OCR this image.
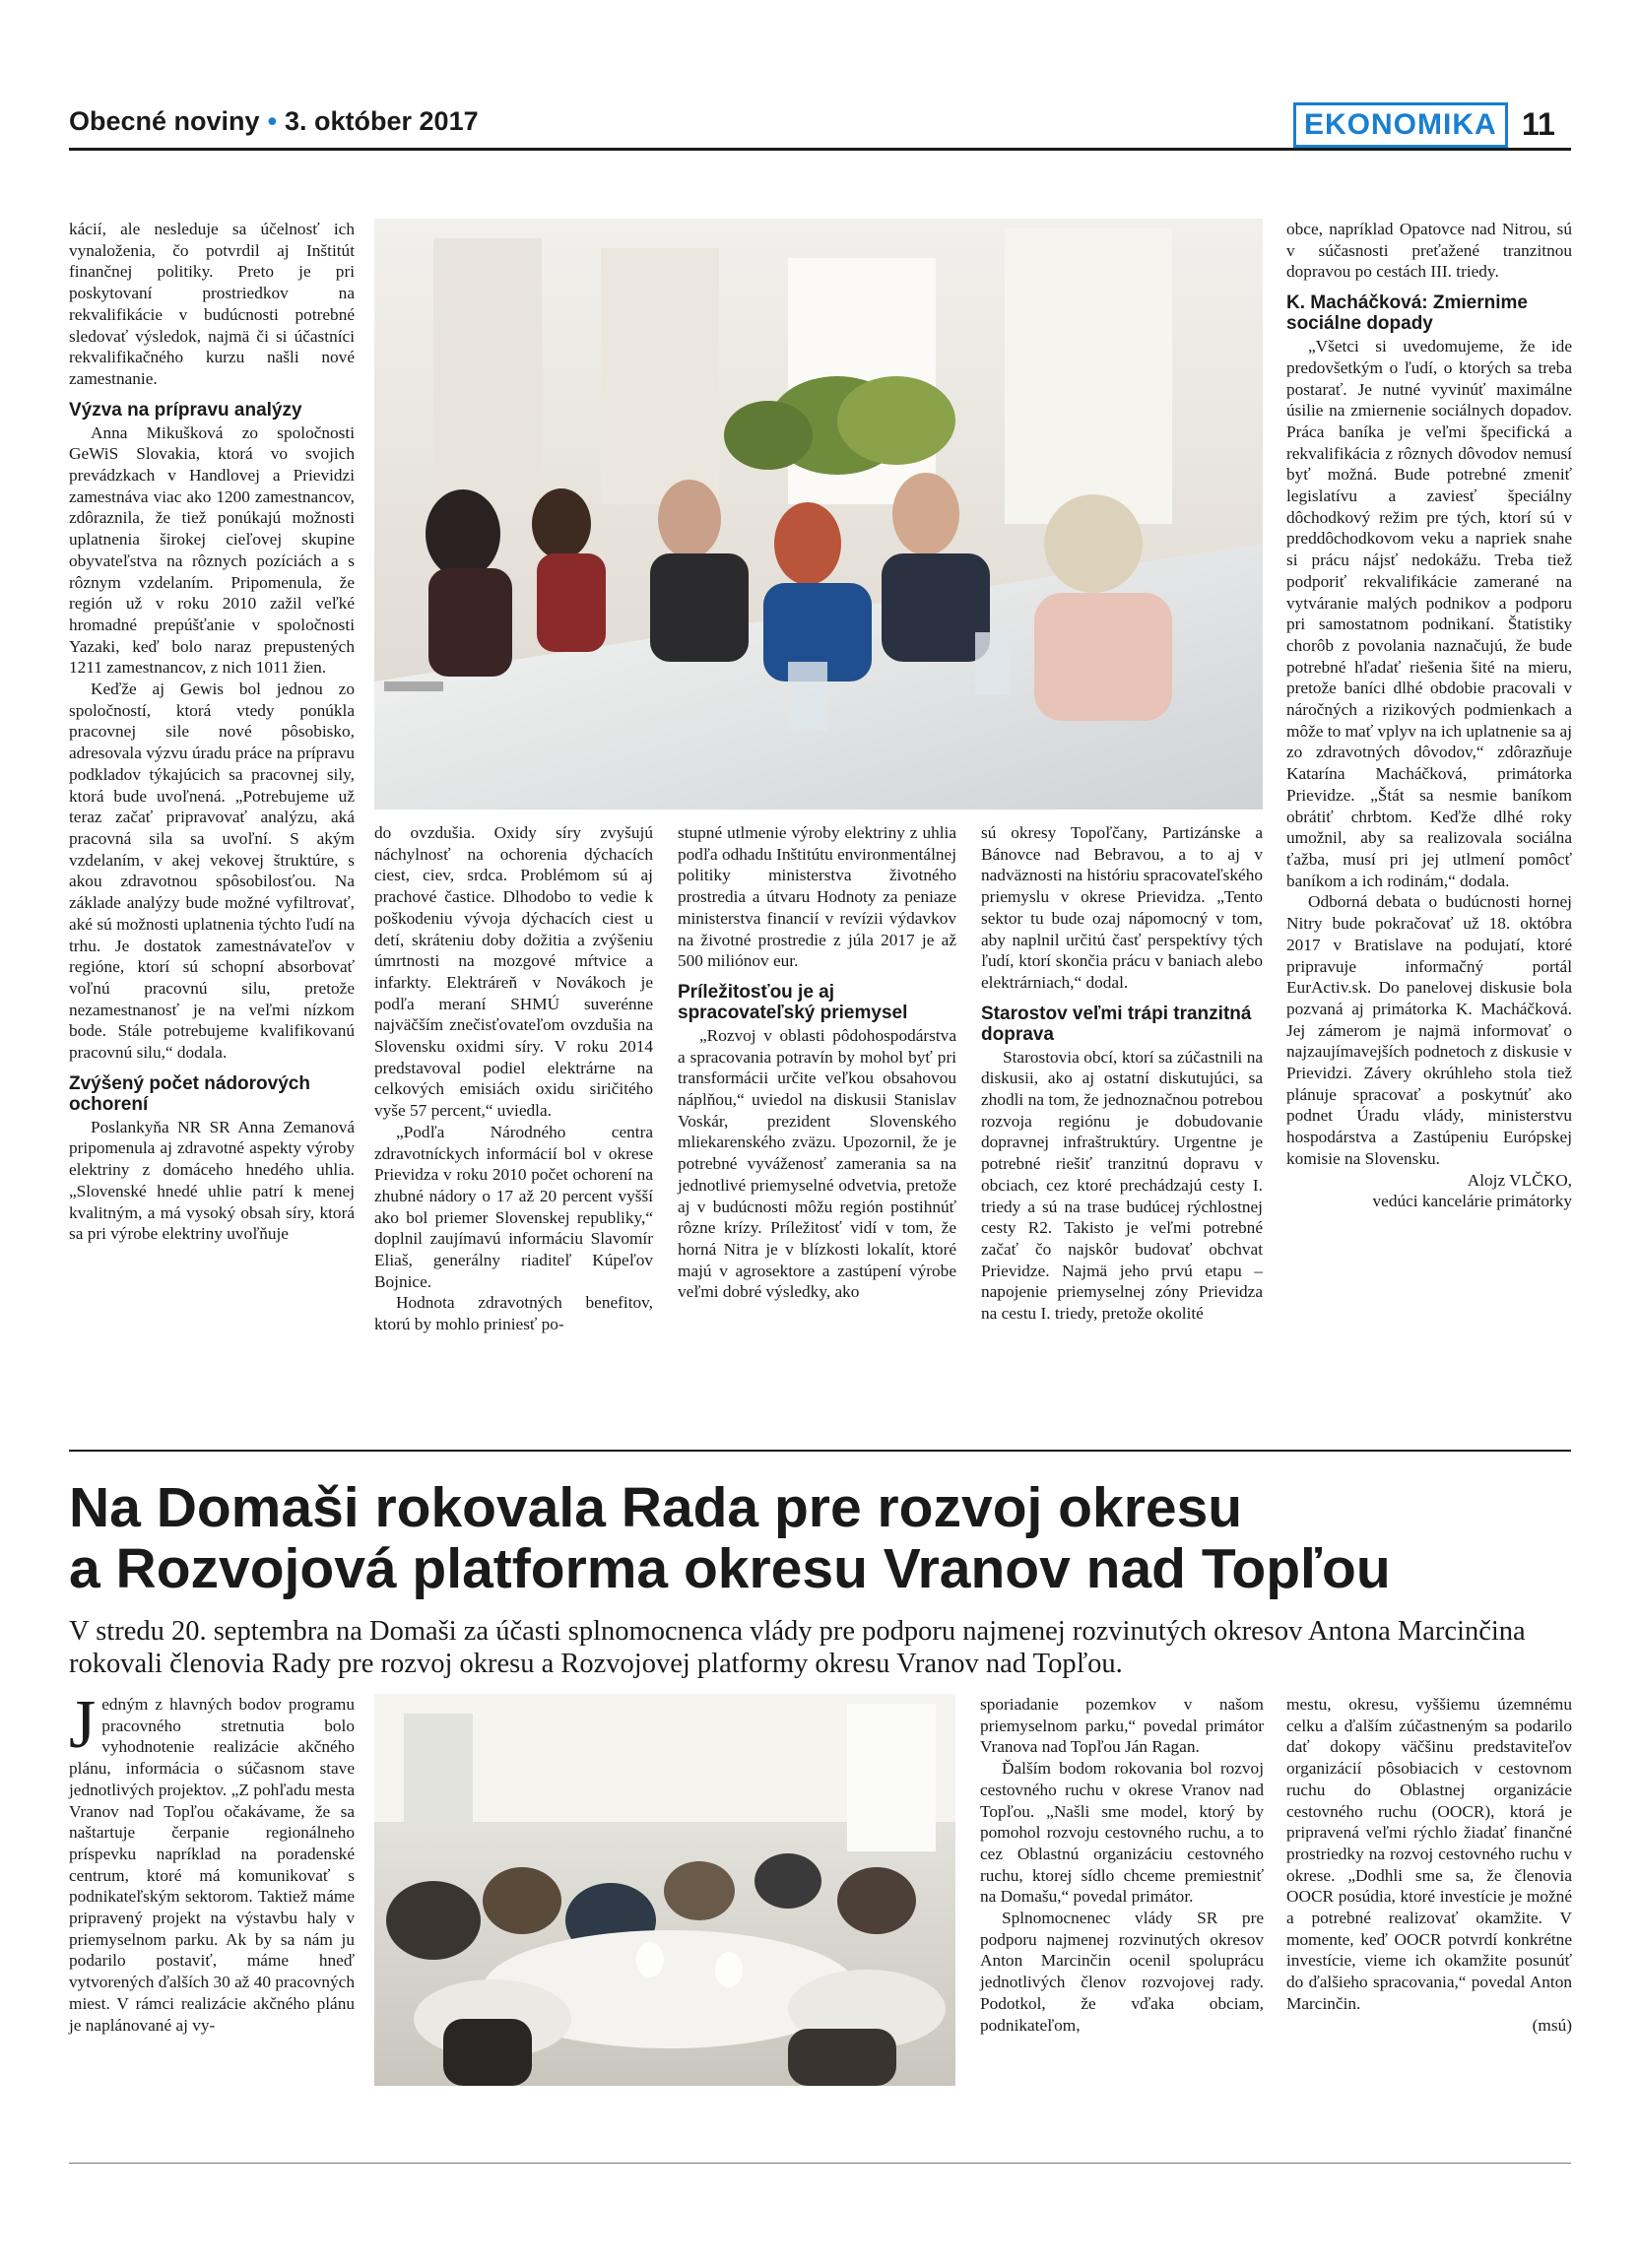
Obecné noviny • 3. október 2017	EKONOMIKA 11

kácií, ale nesleduje sa účelnosť ich vynaloženia, čo potvrdil aj Inštitút finančnej politiky. Preto je pri poskytovaní prostriedkov na rekvalifikácie v budúcnosti potrebné sledovať výsledok, najmä či si účastníci rekvalifikačného kurzu našli nové zamestnanie.

Výzva na prípravu analýzy

Anna Mikušková zo spoločnosti GeWiS Slovakia, ktorá vo svojich prevádzkach v Handlovej a Prievidzi zamestnáva viac ako 1200 zamestnancov, zdôraznila, že tiež ponúkajú možnosti uplatnenia širokej cieľovej skupine obyvateľstva na rôznych pozíciách a s rôznym vzdelaním. Pripomenula, že región už v roku 2010 zažil veľké hromadné prepúšťanie v spoločnosti Yazaki, keď bolo naraz prepustených 1211 zamestnancov, z nich 1011 žien.

Keďže aj Gewis bol jednou zo spoločností, ktorá vtedy ponúkla pracovnej sile nové pôsobisko, adresovala výzvu úradu práce na prípravu podkladov týkajúcich sa pracovnej sily, ktorá bude uvoľnená. „Potrebujeme už teraz začať pripravovať analýzu, aká pracovná sila sa uvoľní. S akým vzdelaním, v akej vekovej štruktúre, s akou zdravotnou spôsobilosťou. Na základe analýzy bude možné vyfiltrovať, aké sú možnosti uplatnenia týchto ľudí na trhu. Je dostatok zamestnávateľov v regióne, ktorí sú schopní absorbovať voľnú pracovnú silu, pretože nezamestnanosť je na veľmi nízkom bode. Stále potrebujeme kvalifikovanú pracovnú silu,“ dodala.

Zvýšený počet nádorových ochorení

Poslankyňa NR SR Anna Zemanová pripomenula aj zdravotné aspekty výroby elektriny z domáceho hnedého uhlia. „Slovenské hnedé uhlie patrí k menej kvalitným, a má vysoký obsah síry, ktorá sa pri výrobe elektriny uvoľňuje

do ovzdušia. Oxidy síry zvyšujú náchylnosť na ochorenia dýchacích ciest, ciev, srdca. Problémom sú aj prachové častice. Dlhodobo to vedie k poškodeniu vývoja dýchacích ciest u detí, skráteniu doby dožitia a zvýšeniu úmrtnosti na mozgové mŕtvice a infarkty. Elektráreň v Novákoch je podľa meraní SHMÚ suverénne najväčším znečisťovateľom ovzdušia na Slovensku oxidmi síry. V roku 2014 predstavoval podiel elektrárne na celkových emisiách oxidu siričitého vyše 57 percent,“ uviedla.

„Podľa Národného centra zdravotníckych informácií bol v okrese Prievidza v roku 2010 počet ochorení na zhubné nádory o 17 až 20 percent vyšší ako bol priemer Slovenskej republiky,“ doplnil zaujímavú informáciu Slavomír Eliaš, generálny riaditeľ Kúpeľov Bojnice.

Hodnota zdravotných benefitov, ktorú by mohlo priniesť po-

stupné utlmenie výroby elektriny z uhlia podľa odhadu Inštitútu environmentálnej politiky ministerstva životného prostredia a útvaru Hodnoty za peniaze ministerstva financií v revízii výdavkov na životné prostredie z júla 2017 je až 500 miliónov eur.

Príležitosťou je aj spracovateľský priemysel

„Rozvoj v oblasti pôdohospodárstva a spracovania potravín by mohol byť pri transformácii určite veľkou obsahovou náplňou,“ uviedol na diskusii Stanislav Voskár, prezident Slovenského mliekarenského zväzu. Upozornil, že je potrebné vyváženosť zamerania sa na jednotlivé priemyselné odvetvia, pretože aj v budúcnosti môžu región postihnúť rôzne krízy. Príležitosť vidí v tom, že horná Nitra je v blízkosti lokalít, ktoré majú v agrosektore a zastúpení výrobe veľmi dobré výsledky, ako

sú okresy Topoľčany, Partizánske a Bánovce nad Bebravou, a to aj v nadväznosti na históriu spracovateľského priemyslu v okrese Prievidza. „Tento sektor tu bude ozaj nápomocný v tom, aby naplnil určitú časť perspektívy tých ľudí, ktorí skončia prácu v baniach alebo elektrárniach,“ dodal.

Starostov veľmi trápi tranzitná doprava

Starostovia obcí, ktorí sa zúčastnili na diskusii, ako aj ostatní diskutujúci, sa zhodli na tom, že jednoznačnou potrebou rozvoja regiónu je dobudovanie dopravnej infraštruktúry. Urgentne je potrebné riešiť tranzitnú dopravu v obciach, cez ktoré prechádzajú cesty I. triedy a sú na trase budúcej rýchlostnej cesty R2. Takisto je veľmi potrebné začať čo najskôr budovať obchvat Prievidze. Najmä jeho prvú etapu – napojenie priemyselnej zóny Prievidza na cestu I. triedy, pretože okolité

obce, napríklad Opatovce nad Nitrou, sú v súčasnosti preťažené tranzitnou dopravou po cestách III. triedy.

K. Macháčková: Zmiernime sociálne dopady

„Všetci si uvedomujeme, že ide predovšetkým o ľudí, o ktorých sa treba postarať. Je nutné vyvinúť maximálne úsilie na zmiernenie sociálnych dopadov. Práca baníka je veľmi špecifická a rekvalifikácia z rôznych dôvodov nemusí byť možná. Bude potrebné zmeniť legislatívu a zaviesť špeciálny dôchodkový režim pre tých, ktorí sú v preddôchodkovom veku a napriek snahe si prácu nájsť nedokážu. Treba tiež podporiť rekvalifikácie zamerané na vytváranie malých podnikov a podporu pri samostatnom podnikaní. Štatistiky chorôb z povolania naznačujú, že bude potrebné hľadať riešenia šité na mieru, pretože baníci dlhé obdobie pracovali v náročných a rizikových podmienkach a môže to mať vplyv na ich uplatnenie sa aj zo zdravotných dôvodov,“ zdôrazňuje Katarína Macháčková, primátorka Prievidze. „Štát sa nesmie baníkom obrátiť chrbtom. Keďže dlhé roky umožnil, aby sa realizovala sociálna ťažba, musí pri jej utlmení pomôcť baníkom a ich rodinám,“ dodala.

Odborná debata o budúcnosti hornej Nitry bude pokračovať už 18. októbra 2017 v Bratislave na podujatí, ktoré pripravuje informačný portál EurActiv.sk. Do panelovej diskusie bola pozvaná aj primátorka K. Macháčková. Jej zámerom je najmä informovať o najzaujímavejších podnetoch z diskusie v Prievidzi. Závery okrúhleho stola tiež plánuje spracovať a poskytnúť ako podnet Úradu vlády, ministerstvu hospodárstva a Zastúpeniu Európskej komisie na Slovensku.

Alojz VLČKO,

vedúci kancelárie primátorky

Na Domaši rokovala Rada pre rozvoj okresu
a Rozvojová platforma okresu Vranov nad Topľou
V stredu 20. septembra na Domaši za účasti splnomocnenca vlády pre podporu najmenej rozvinutých okresov Antona Marcinčina rokovali členovia Rady pre rozvoj okresu a Rozvojovej platformy okresu Vranov nad Topľou.

Jedným z hlavných bodov programu pracovného stretnutia bolo vyhodnotenie realizácie akčného plánu, informácia o súčasnom stave jednotlivých projektov. „Z pohľadu mesta Vranov nad Topľou očakávame, že sa naštartuje čerpanie regionálneho príspevku napríklad na poradenské centrum, ktoré má komunikovať s podnikateľským sektorom. Taktiež máme pripravený projekt na výstavbu haly v priemyselnom parku. Ak by sa nám ju podarilo postaviť, máme hneď vytvorených ďalších 30 až 40 pracovných miest. V rámci realizácie akčného plánu je naplánované aj vy-

sporiadanie pozemkov v našom priemyselnom parku,“ povedal primátor Vranova nad Topľou Ján Ragan.

Ďalším bodom rokovania bol rozvoj cestovného ruchu v okrese Vranov nad Topľou. „Našli sme model, ktorý by pomohol rozvoju cestovného ruchu, a to cez Oblastnú organizáciu cestovného ruchu, ktorej sídlo chceme premiestniť na Domašu,“ povedal primátor.

Splnomocnenec vlády SR pre podporu najmenej rozvinutých okresov Anton Marcinčin ocenil spoluprácu jednotlivých členov rozvojovej rady. Podotkol, že vďaka obciam, podnikateľom,

mestu, okresu, vyššiemu územnému celku a ďalším zúčastneným sa podarilo dať dokopy väčšinu predstaviteľov organizácií pôsobiacich v cestovnom ruchu do Oblastnej organizácie cestovného ruchu (OOCR), ktorá je pripravená veľmi rýchlo žiadať finančné prostriedky na rozvoj cestovného ruchu v okrese. „Dodhli sme sa, že členovia OOCR posúdia, ktoré investície je možné a potrebné realizovať okamžite. V momente, keď OOCR potvrdí konkrétne investície, vieme ich okamžite posunúť do ďalšieho spracovania,“ povedal Anton Marcinčin.

(msú)
